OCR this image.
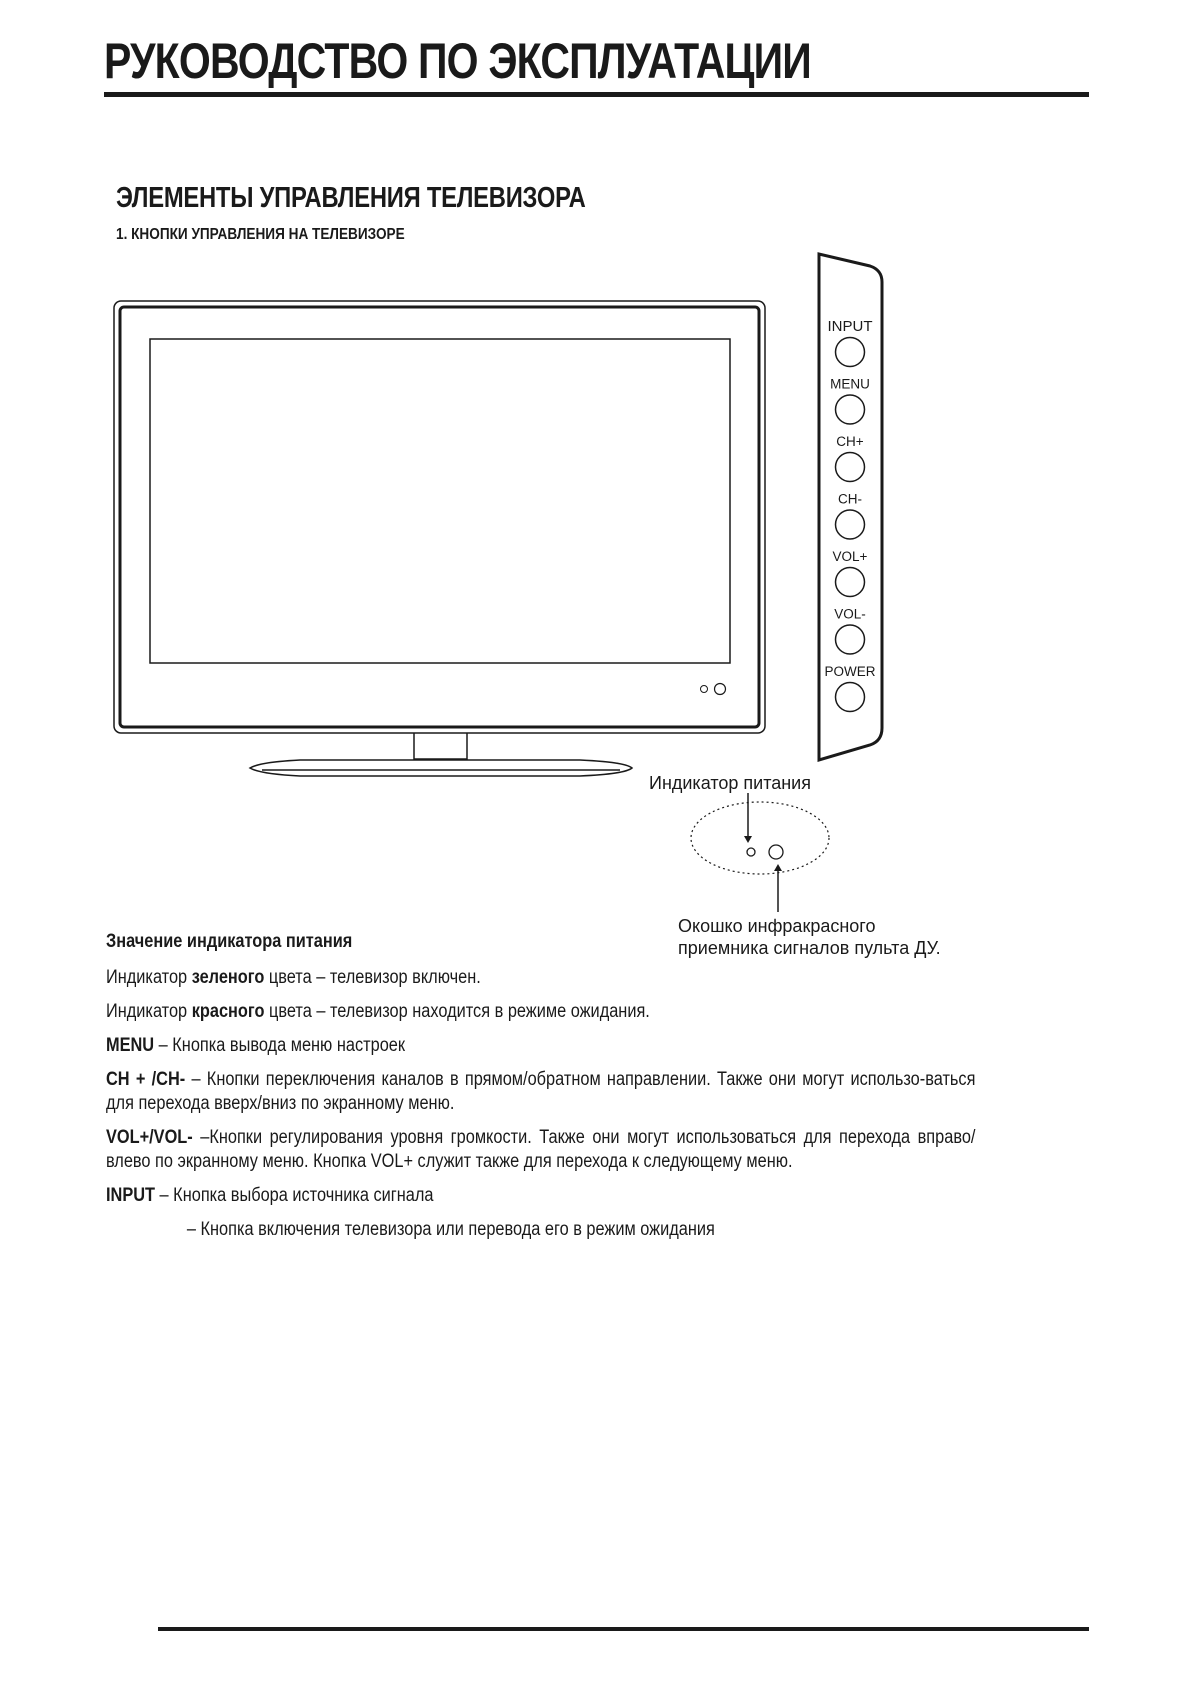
РУКОВОДСТВО ПО ЭКСПЛУАТАЦИИ
ЭЛЕМЕНТЫ УПРАВЛЕНИЯ ТЕЛЕВИЗОРА
1. КНОПКИ УПРАВЛЕНИЯ НА ТЕЛЕВИЗОРЕ
INPUT
MENU
CH+
CH-
VOL+
VOL-
POWER
Индикатор питания
Окошко инфракрасного
приемника сигналов пульта ДУ.
Значение индикатора питания

Индикатор зеленого цвета – телевизор включен.

Индикатор красного цвета – телевизор находится в режиме ожидания.

MENU – Кнопка вывода меню настроек

CH + /CH- – Кнопки переключения каналов в прямом/обратном направлении. Также они могут использо-ваться для перехода вверх/вниз по экранному меню.

VOL+/VOL- –Кнопки регулирования уровня громкости. Также они могут использоваться для перехода вправо/влево по экранному меню. Кнопка VOL+ служит также для перехода к следующему меню.

INPUT – Кнопка выбора источника сигнала

– Кнопка включения телевизора или перевода его в режим ожидания
